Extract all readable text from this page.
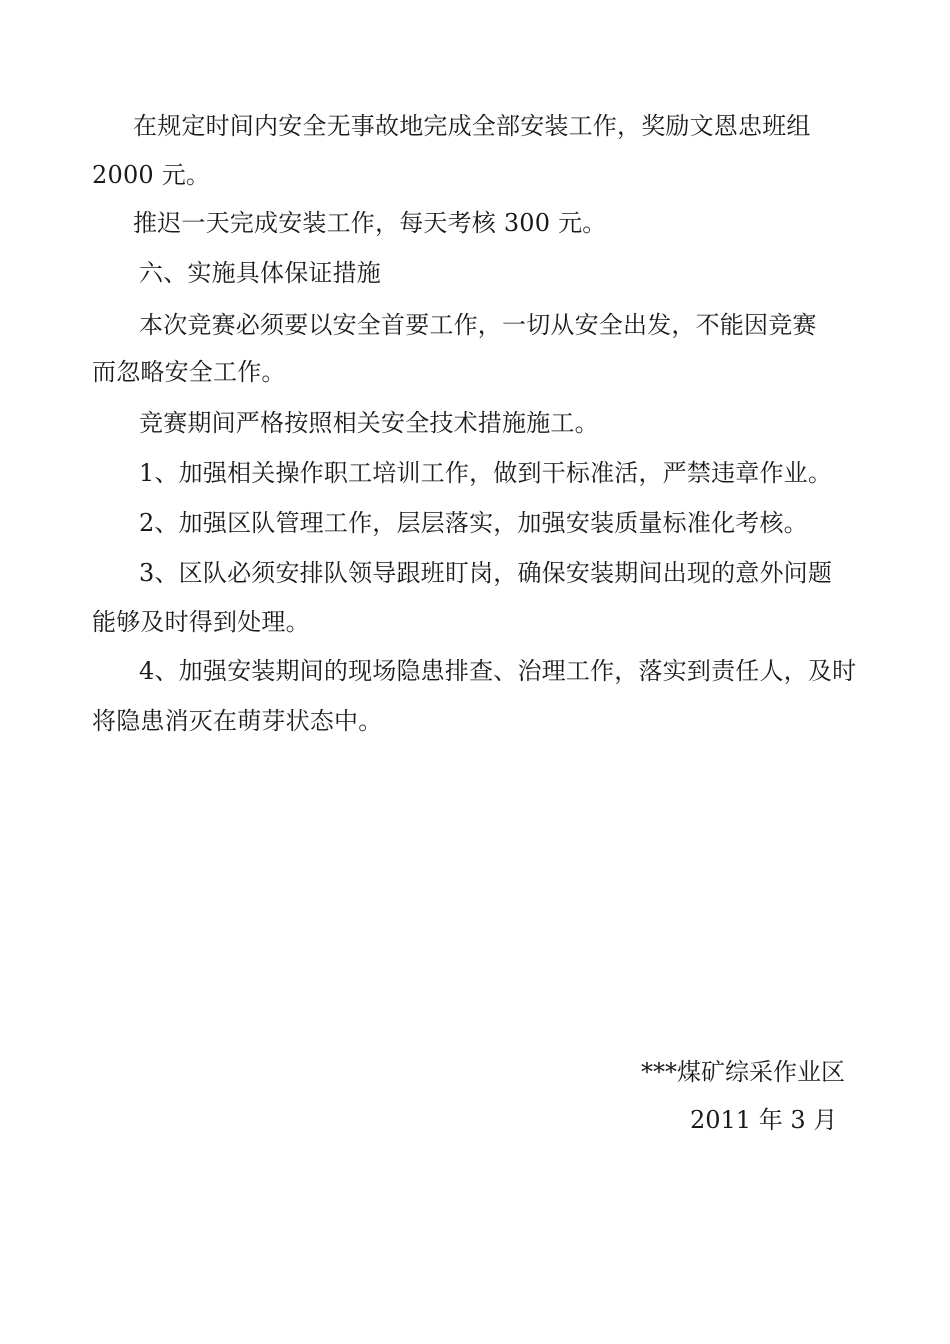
在规定时间内安全无事故地完成全部安装工作，奖励文恩忠班组
2000 元。
推迟一天完成安装工作，每天考核 300 元。
六、实施具体保证措施
本次竞赛必须要以安全首要工作，一切从安全出发，不能因竞赛
而忽略安全工作。
竞赛期间严格按照相关安全技术措施施工。
1、加强相关操作职工培训工作，做到干标准活，严禁违章作业。
2、加强区队管理工作，层层落实，加强安装质量标准化考核。
3、区队必须安排队领导跟班盯岗，确保安装期间出现的意外问题
能够及时得到处理。
4、加强安装期间的现场隐患排查、治理工作，落实到责任人，及时
将隐患消灭在萌芽状态中。
***煤矿综采作业区
2011 年 3 月
